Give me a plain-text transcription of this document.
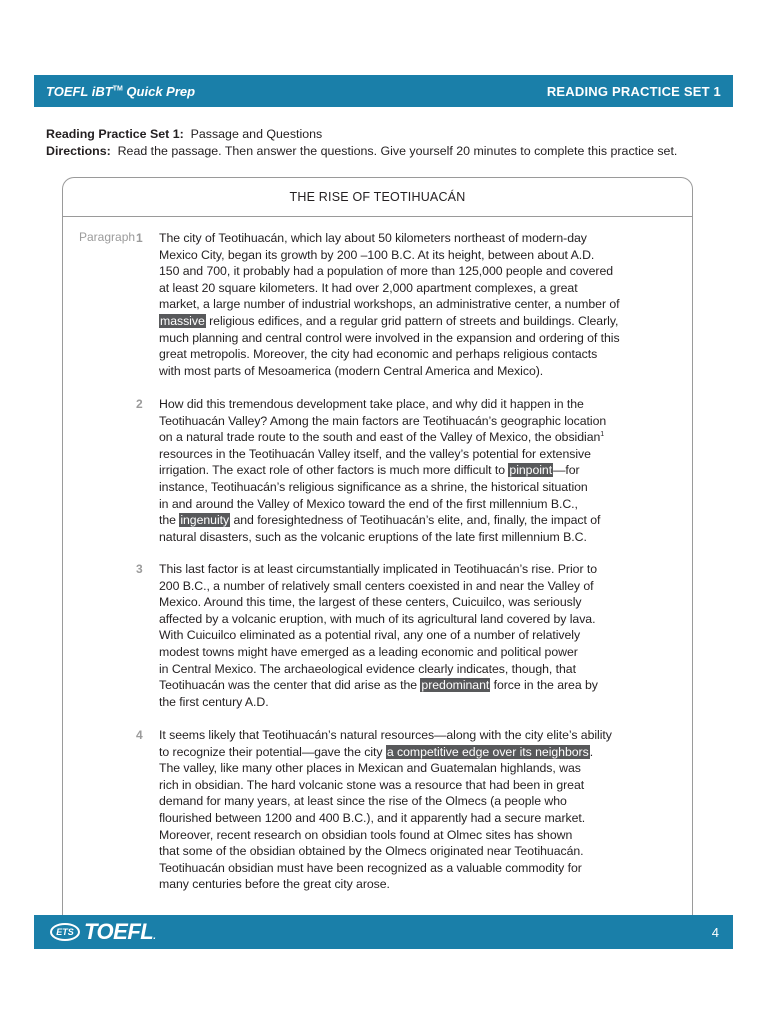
TOEFL iBT™ Quick Prep	READING PRACTICE SET 1
Reading Practice Set 1: Passage and Questions
Directions: Read the passage. Then answer the questions. Give yourself 20 minutes to complete this practice set.
THE RISE OF TEOTIHUACÁN
Paragraph 1 The city of Teotihuacán, which lay about 50 kilometers northeast of modern-day
Mexico City, began its growth by 200 –100 B.C. At its height, between about A.D.
150 and 700, it probably had a population of more than 125,000 people and covered
at least 20 square kilometers. It had over 2,000 apartment complexes, a great
market, a large number of industrial workshops, an administrative center, a number of
massive religious edifices, and a regular grid pattern of streets and buildings. Clearly,
much planning and central control were involved in the expansion and ordering of this
great metropolis. Moreover, the city had economic and perhaps religious contacts
with most parts of Mesoamerica (modern Central America and Mexico).
2 How did this tremendous development take place, and why did it happen in the
Teotihuacán Valley? Among the main factors are Teotihuacán’s geographic location
on a natural trade route to the south and east of the Valley of Mexico, the obsidian$^1$
resources in the Teotihuacán Valley itself, and the valley’s potential for extensive
irrigation. The exact role of other factors is much more difficult to pinpoint—for
instance, Teotihuacán’s religious significance as a shrine, the historical situation
in and around the Valley of Mexico toward the end of the first millennium B.C.,
the ingenuity and foresightedness of Teotihuacán’s elite, and, finally, the impact of
natural disasters, such as the volcanic eruptions of the late first millennium B.C.
3 This last factor is at least circumstantially implicated in Teotihuacán’s rise. Prior to
200 B.C., a number of relatively small centers coexisted in and near the Valley of
Mexico. Around this time, the largest of these centers, Cuicuilco, was seriously
affected by a volcanic eruption, with much of its agricultural land covered by lava.
With Cuicuilco eliminated as a potential rival, any one of a number of relatively
modest towns might have emerged as a leading economic and political power
in Central Mexico. The archaeological evidence clearly indicates, though, that
Teotihuacán was the center that did arise as the predominant force in the area by
the first century A.D.
4 It seems likely that Teotihuacán’s natural resources—along with the city elite’s ability
to recognize their potential—gave the city a competitive edge over its neighbors.
The valley, like many other places in Mexican and Guatemalan highlands, was
rich in obsidian. The hard volcanic stone was a resource that had been in great
demand for many years, at least since the rise of the Olmecs (a people who
flourished between 1200 and 400 B.C.), and it apparently had a secure market.
Moreover, recent research on obsidian tools found at Olmec sites has shown
that some of the obsidian obtained by the Olmecs originated near Teotihuacán.
Teotihuacán obsidian must have been recognized as a valuable commodity for
many centuries before the great city arose.
ETS TOEFL.	4
